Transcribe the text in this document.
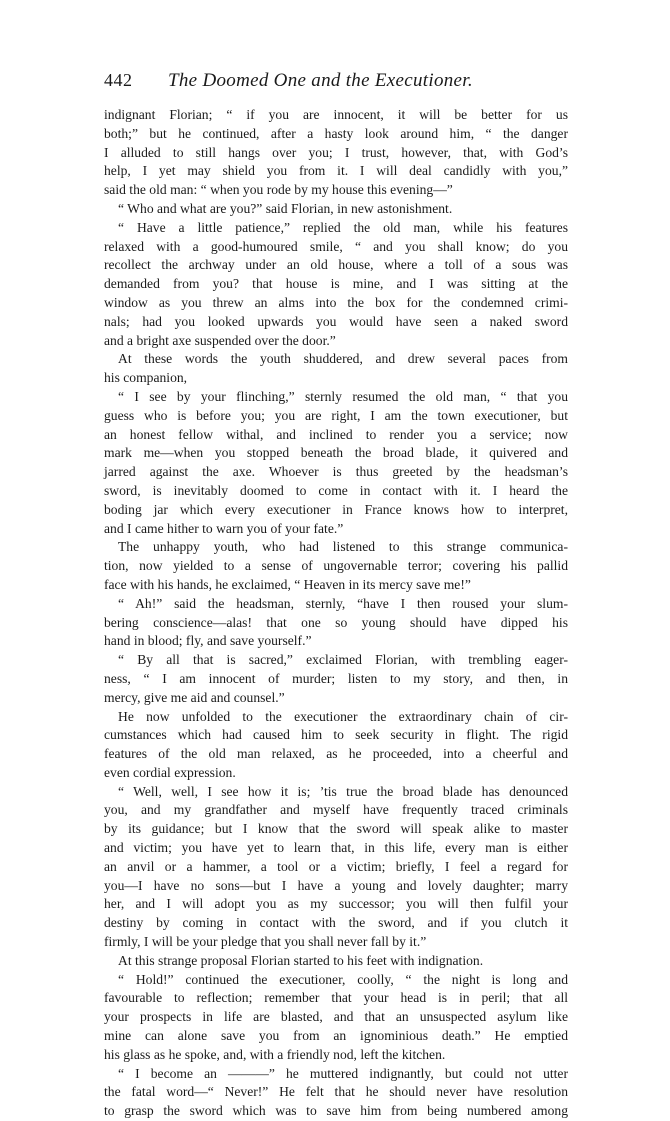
442	The Doomed One and the Executioner.
indignant Florian; “ if you are innocent, it will be better for us
both;” but he continued, after a hasty look around him, “ the danger
I alluded to still hangs over you; I trust, however, that, with God’s
help, I yet may shield you from it. I will deal candidly with you,”
said the old man: “ when you rode by my house this evening—”
“ Who and what are you?” said Florian, in new astonishment.
“ Have a little patience,” replied the old man, while his features
relaxed with a good-humoured smile, “ and you shall know; do you
recollect the archway under an old house, where a toll of a sous was
demanded from you? that house is mine, and I was sitting at the
window as you threw an alms into the box for the condemned crimi-
nals; had you looked upwards you would have seen a naked sword
and a bright axe suspended over the door.”
At these words the youth shuddered, and drew several paces from
his companion,
“ I see by your flinching,” sternly resumed the old man, “ that you
guess who is before you; you are right, I am the town executioner, but
an honest fellow withal, and inclined to render you a service; now
mark me—when you stopped beneath the broad blade, it quivered and
jarred against the axe. Whoever is thus greeted by the headsman’s
sword, is inevitably doomed to come in contact with it. I heard the
boding jar which every executioner in France knows how to interpret,
and I came hither to warn you of your fate.”
The unhappy youth, who had listened to this strange communica-
tion, now yielded to a sense of ungovernable terror; covering his pallid
face with his hands, he exclaimed, “ Heaven in its mercy save me!”
“ Ah!” said the headsman, sternly, “have I then roused your slum-
bering conscience—alas! that one so young should have dipped his
hand in blood; fly, and save yourself.”
“ By all that is sacred,” exclaimed Florian, with trembling eager-
ness, “ I am innocent of murder; listen to my story, and then, in
mercy, give me aid and counsel.”
He now unfolded to the executioner the extraordinary chain of cir-
cumstances which had caused him to seek security in flight. The rigid
features of the old man relaxed, as he proceeded, into a cheerful and
even cordial expression.
“ Well, well, I see how it is; ’tis true the broad blade has denounced
you, and my grandfather and myself have frequently traced criminals
by its guidance; but I know that the sword will speak alike to master
and victim; you have yet to learn that, in this life, every man is either
an anvil or a hammer, a tool or a victim; briefly, I feel a regard for
you—I have no sons—but I have a young and lovely daughter; marry
her, and I will adopt you as my successor; you will then fulfil your
destiny by coming in contact with the sword, and if you clutch it
firmly, I will be your pledge that you shall never fall by it.”
At this strange proposal Florian started to his feet with indignation.
“ Hold!” continued the executioner, coolly, “ the night is long and
favourable to reflection; remember that your head is in peril; that all
your prospects in life are blasted, and that an unsuspected asylum like
mine can alone save you from an ignominious death.” He emptied
his glass as he spoke, and, with a friendly nod, left the kitchen.
“ I become an ———” he muttered indignantly, but could not utter
the fatal word—“ Never!” He felt that he should never have resolution
to grasp the sword which was to save him from being numbered among
